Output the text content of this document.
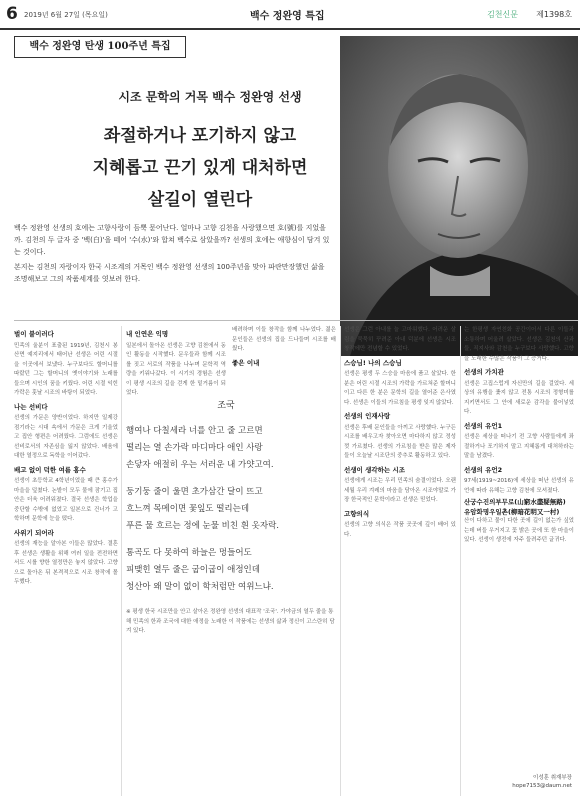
6 2019년 6월 27일 (목요일)	백수 정완영 특집	김천신문 제1398호
백수 정완영 탄생 100주년 특집
시조 문학의 거목 백수 정완영 선생
좌절하거나 포기하지 않고
지혜롭고 끈기 있게 대처하면
살길이 열린다

백수 정완영 선생의 호에는 고향사랑이 듬뿍 묻어난다. 얼마나 고향 김천을 사랑했으면 호(號)를 지었을까. 김천의 두 글자 중 '백(白)'을 떼어 '수(水)'와 합쳐 백수로 삼았을까? 선생의 호에는 애향심이 담겨 있는 것이다.

본지는 김천의 자랑이자 한국 시조계의 거목인 백수 정완영 선생의 100주년을 맞아 파란만장했던 삶을 조명해보고 그의 작품세계를 엿보려 한다.

벌이 붙이러다

민족의 울분이 표출된 1919년, 김천시 봉산면 예지리에서 태어난 선생은 어린 시절을 이곳에서 보냈다. 누구보다도 할머니를 따랐던 그는 할머니의 옛이야기와 노래를 들으며 시인의 꿈을 키웠다. 어린 시절 익힌 가락은 훗날 시조의 바탕이 되었다.

나는 선비다

선생의 가문은 양반이었다. 하지만 일제강점기라는 시대 속에서 가문은 크게 기울었고 집안 형편은 어려웠다. 그럼에도 선생은 선비로서의 자존심을 잃지 않았다. 배움에 대한 열정으로 독학을 이어갔다.

배고 없이 덕한 여름 홍수

선생이 초등학교 4학년이었을 때 큰 홍수가 마을을 덮쳤다. 논밭이 모두 물에 잠기고 집안은 더욱 어려워졌다. 결국 선생은 학업을 중단할 수밖에 없었고 일본으로 건너가 고학하며 문학에 눈을 떴다.

사위기 되어라

선생의 재능을 알아본 이들은 많았다. 결혼 후 선생은 생활을 위해 여러 일을 전전하면서도 시를 향한 열정만은 놓지 않았다. 고향으로 돌아온 뒤 본격적으로 시조 창작에 몰두했다.

내 인연은 익명

일본에서 돌아온 선생은 고향 김천에서 동인 활동을 시작했다. 문우들과 함께 시조를 짓고 서로의 작품을 나누며 문학적 역량을 키워나갔다. 이 시기의 경험은 선생이 평생 시조의 길을 걷게 한 밑거름이 되었다.

배려하며 이들 창작을 함께 나누었다. 젊은 문인들은 선생의 집을 드나들며 시조를 배웠다.

좋은 이내
조국
행여나 다칠세라 너를 안고 줄 고르면
떨리는 열 손가락 마디마다 애인 사랑
손닿자 애절히 우는 서러운 내 가얏고여.
둥기둥 줄이 울면 초가삼간 달이 뜨고
흐느껴 목메이면 꽃잎도 떨리는데
푸른 물 흐르는 정에 눈물 비친 흰 옷자락.
통곡도 다 못하여 하늘은 멍들어도
피맺힌 열두 줄은 굽이굽이 애정인데
청산아 왜 말이 없이 학처럼만 여위느냐.
※ 평생 한국 시조만을 안고 살아온 정완영 선생의 대표작 '조국'. 가야금의 열두 줄을 통해 민족의 한과 조국에 대한 애정을 노래한 이 작품에는 선생의 삶과 정신이 고스란히 담겨 있다.

선생은 그런 아내를 늘 고마워했다. 어려운 살림을 묵묵히 꾸려준 아내 덕분에 선생은 시조 창작에만 전념할 수 있었다.

스승님! 나의 스승님

선생은 평생 두 스승을 마음에 품고 살았다. 한 분은 어린 시절 시조의 가락을 가르쳐준 할머니이고 다른 한 분은 문학의 길을 열어준 은사였다. 선생은 이들의 가르침을 평생 잊지 않았다.

선생의 인재사랑

선생은 후배 문인들을 아끼고 사랑했다. 누구든 시조를 배우고자 찾아오면 마다하지 않고 정성껏 가르쳤다. 선생의 가르침을 받은 많은 제자들이 오늘날 시조단의 중추로 활동하고 있다.

선생이 생각하는 시조

선생에게 시조는 우리 민족의 숨결이었다. 오랜 세월 우리 겨레의 마음을 담아온 시조야말로 가장 한국적인 문학이라고 선생은 믿었다.

고향의식

선생의 고향 의식은 작품 곳곳에 깊이 배어 있다.

는 한평생 자연친화 공간이어서 다른 이들과 소통하며 어울려 살았다. 선생은 김천의 산과 들, 직지사와 감천을 누구보다 사랑했다. 고향을 노래한 수많은 작품이 그 증거다.

선생의 가치관

선생은 고집스럽게 자신만의 길을 걸었다. 세상의 유행을 좇지 않고 전통 시조의 정형미를 지키면서도 그 안에 새로운 감각을 불어넣었다.

선생의 유언1

선생은 세상을 떠나기 전 고향 사람들에게 좌절하거나 포기하지 말고 지혜롭게 대처하라는 말을 남겼다.

선생의 유언2

97세(1919~2016)에 세상을 떠난 선생의 유언에 따라 유해는 고향 김천에 모셔졌다.

산궁수진의부무로(山窮水盡疑無路)
유암화명우일촌(柳暗花明又一村)

산이 다하고 물이 다한 곳에 길이 없는가 싶었는데 버들 우거지고 꽃 밝은 곳에 또 한 마을이 있다. 선생이 생전에 자주 들려주던 글귀다.

이성훈 취재부장
hope7153@daum.net
